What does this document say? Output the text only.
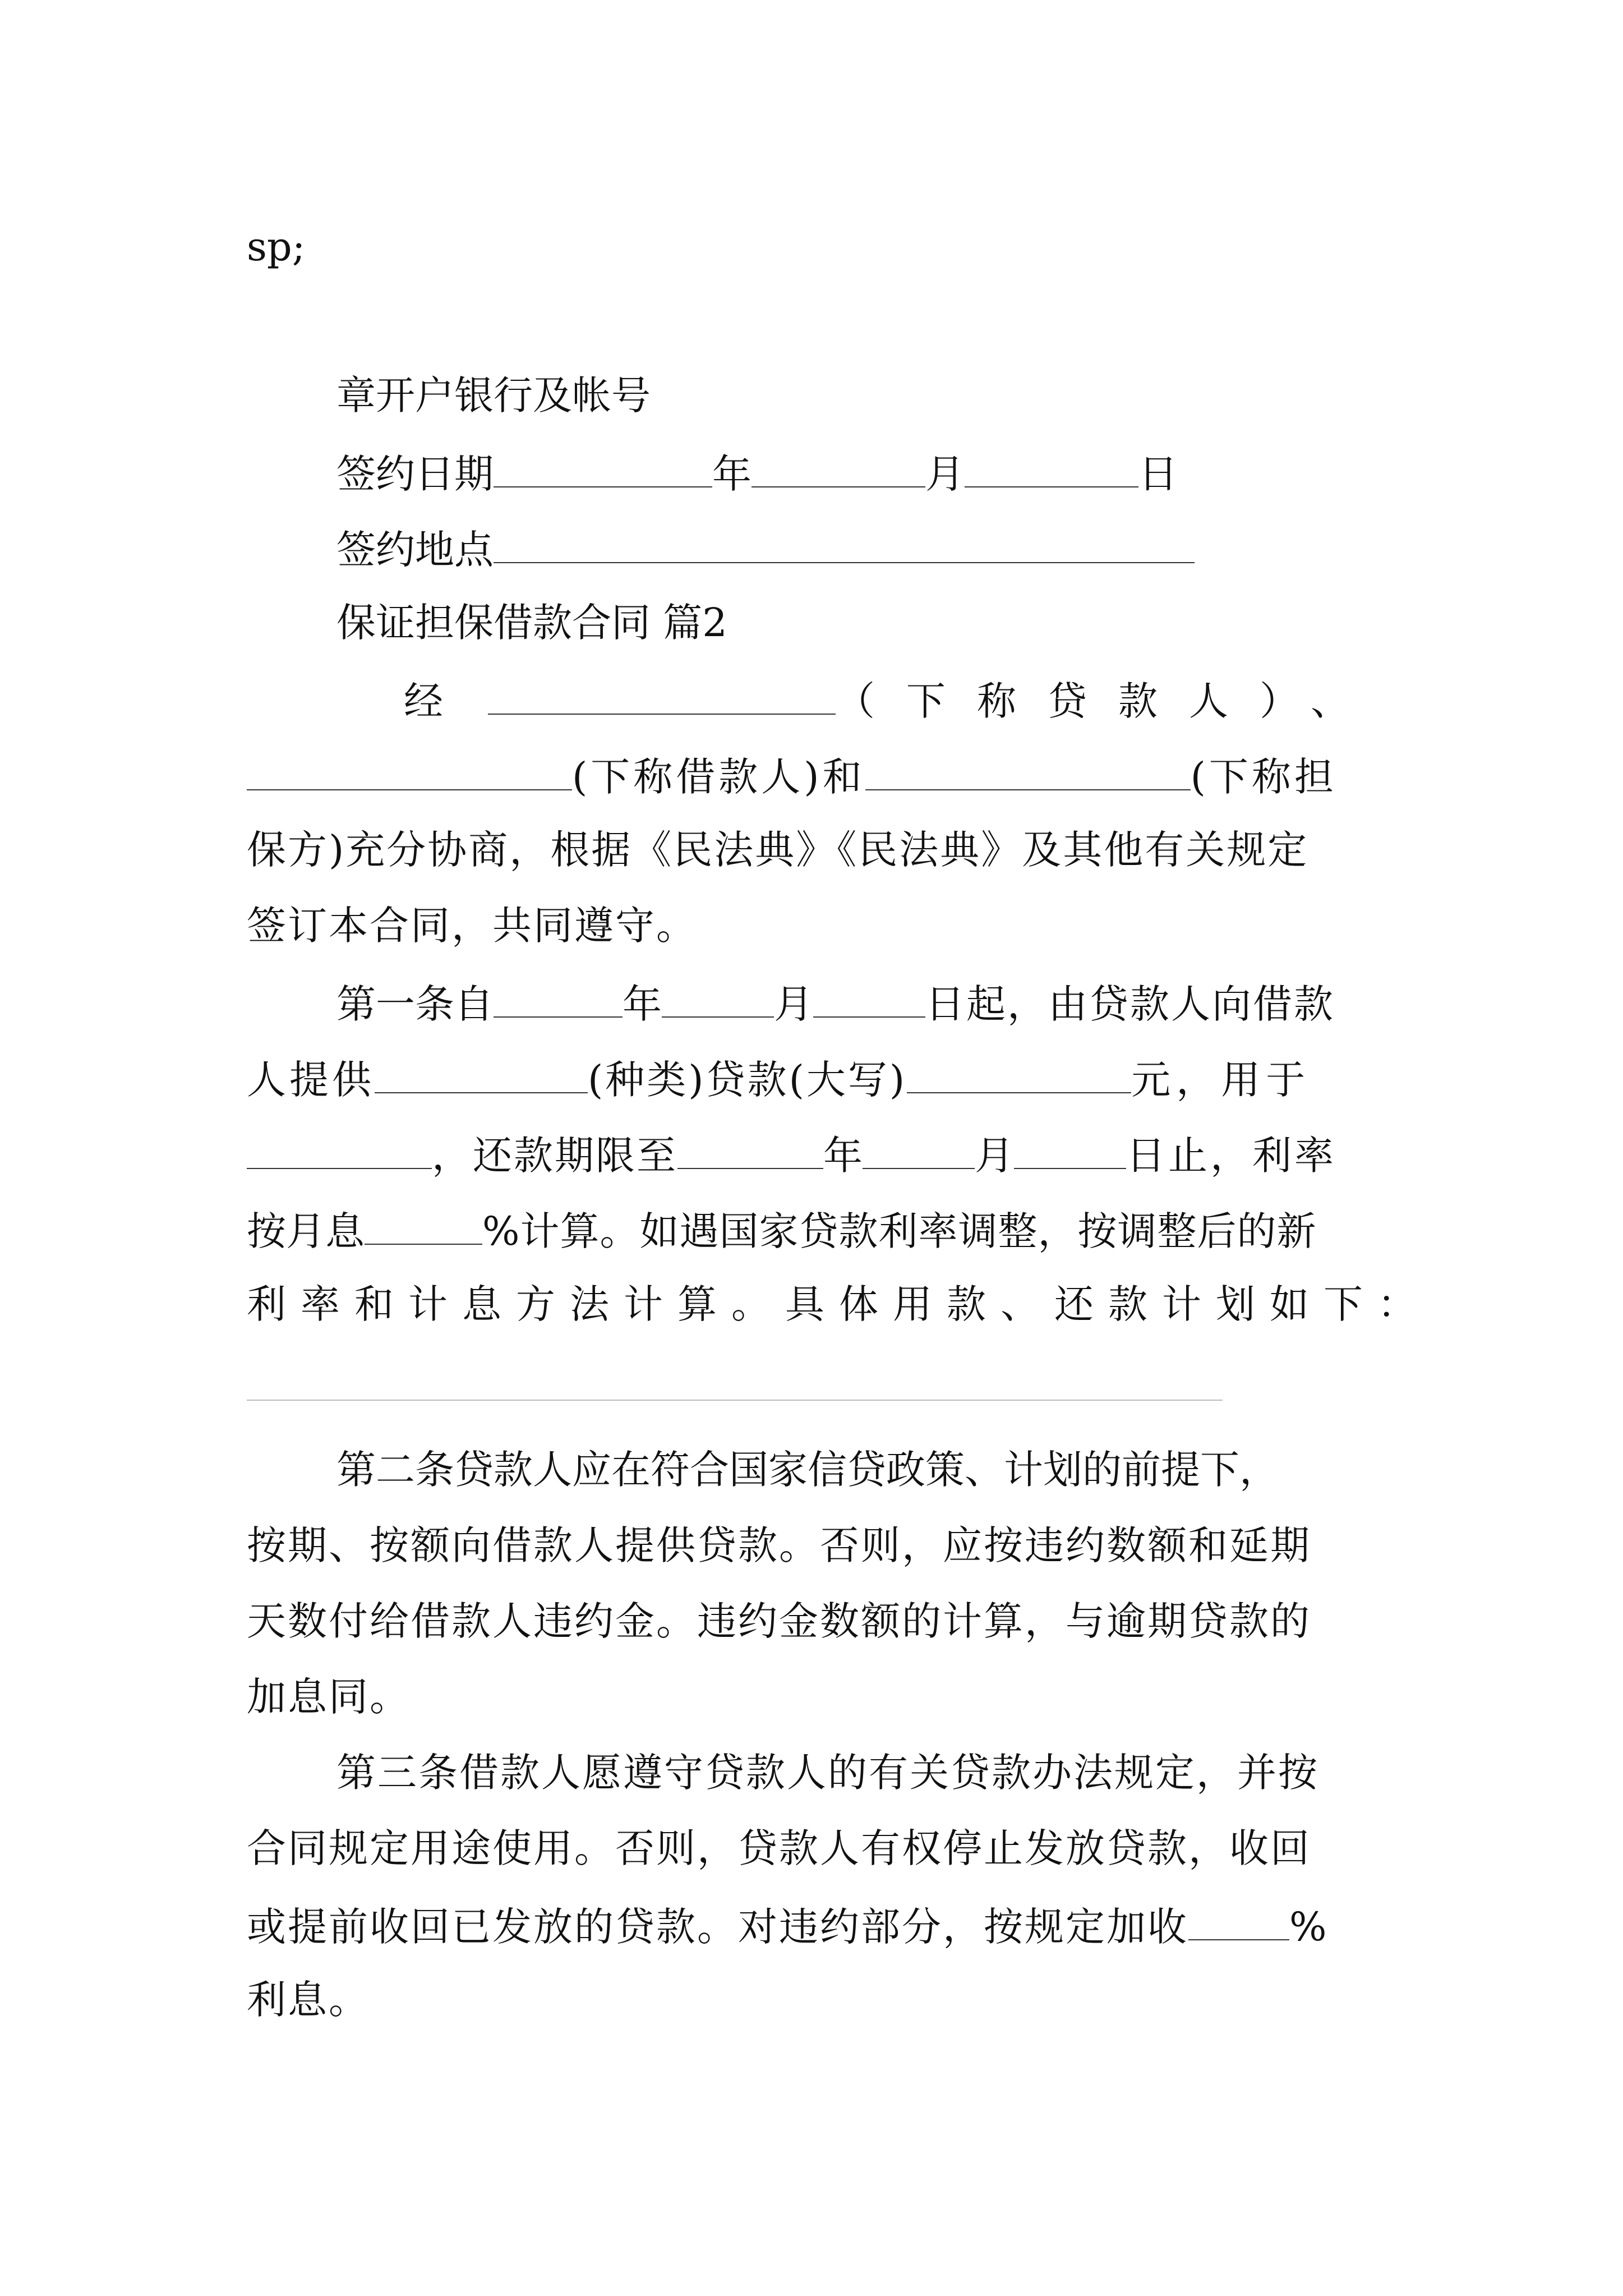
sp;
章开户银行及帐号
签约日期	年	月	日
签约地点
保证担保借款合同 篇2
经	（下称贷款人）、
(下称借款人)和	(下称担
保方)充分协商，根据《民法典》《民法典》及其他有关规定
签订本合同，共同遵守。
第一条自	年	月	日起，由贷款人向借款
人提供	(种类)贷款(大写)	元，用于
，还款期限至	年	月	日止，利率
按月息	%计算。如遇国家贷款利率调整，按调整后的新
利率和计息方法计算。具体用款、还款计划如下：
第二条贷款人应在符合国家信贷政策、计划的前提下，
按期、按额向借款人提供贷款。否则，应按违约数额和延期
天数付给借款人违约金。违约金数额的计算，与逾期贷款的
加息同。
第三条借款人愿遵守贷款人的有关贷款办法规定，并按
合同规定用途使用。否则，贷款人有权停止发放贷款，收回
或提前收回已发放的贷款。对违约部分，按规定加收	%
利息。
